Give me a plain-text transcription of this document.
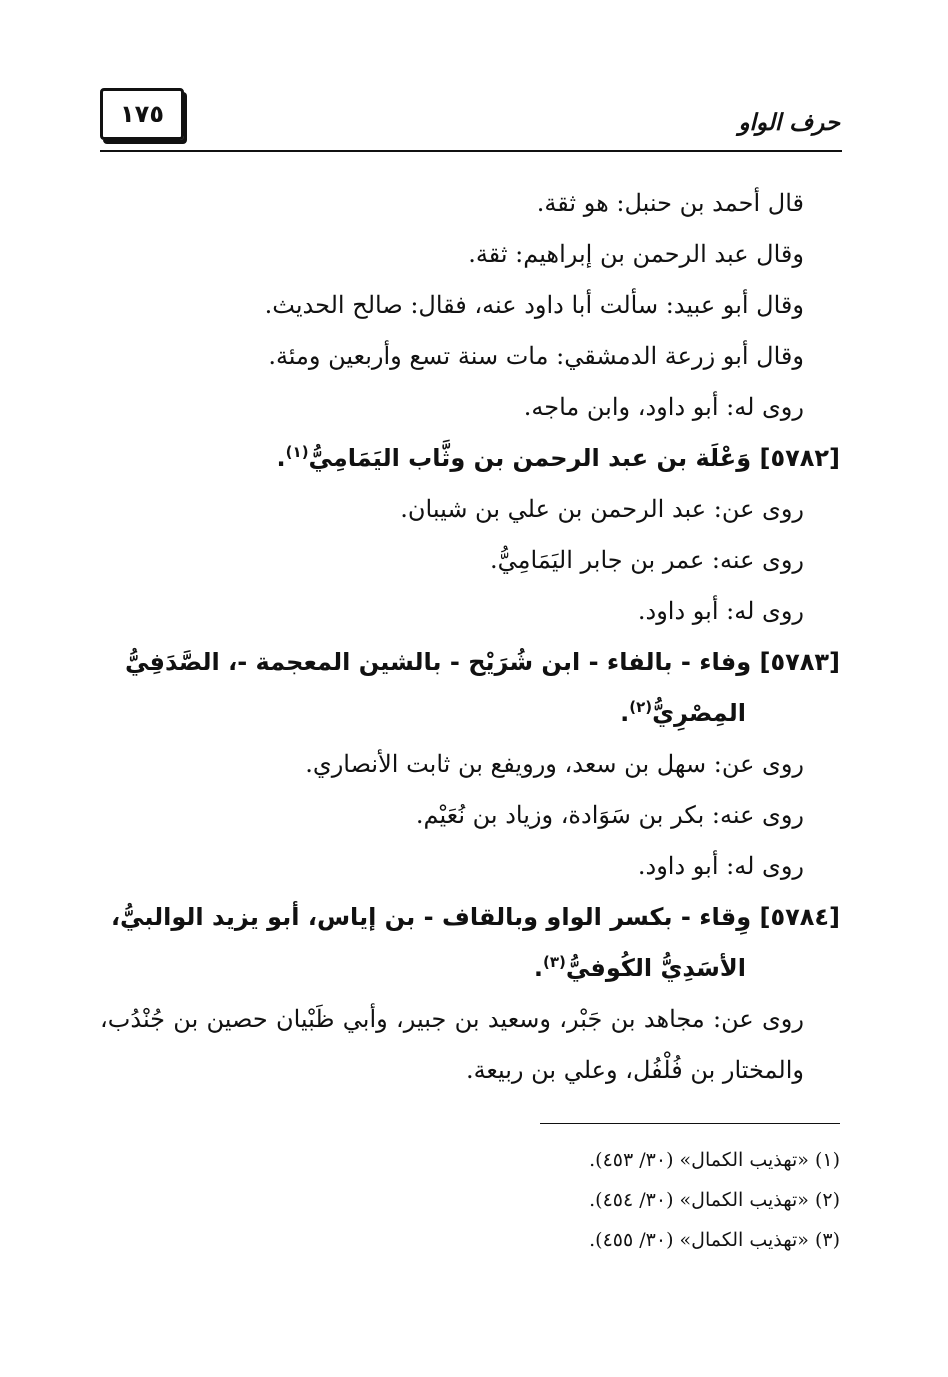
١٧٥	حرف الواو

قال أحمد بن حنبل: هو ثقة.

وقال عبد الرحمن بن إبراهيم: ثقة.

وقال أبو عبيد: سألت أبا داود عنه، فقال: صالح الحديث.

وقال أبو زرعة الدمشقي: مات سنة تسع وأربعين ومئة.

روى له: أبو داود، وابن ماجه.

[٥٧٨٢] وَعْلَة بن عبد الرحمن بن وثَّاب اليَمَامِيُّ$^{(١)}$.

روى عن: عبد الرحمن بن علي بن شيبان.

روى عنه: عمر بن جابر اليَمَامِيُّ.

روى له: أبو داود.

[٥٧٨٣] وفاء - بالفاء - ابن شُرَيْح - بالشين المعجمة -، الصَّدَفِيُّ
المِصْرِيُّ$^{(٢)}$.

روى عن: سهل بن سعد، ورويفع بن ثابت الأنصاري.

روى عنه: بكر بن سَوَادة، وزياد بن نُعَيْم.

روى له: أبو داود.

[٥٧٨٤] وِقاء - بكسر الواو وبالقاف - بن إياس، أبو يزيد الوالبيُّ،
الأسَدِيُّ الكُوفيُّ$^{(٣)}$.

روى عن: مجاهد بن جَبْر، وسعيد بن جبير، وأبي ظَبْيان حصين بن جُنْدُب، والمختار بن فُلْفُل، وعلي بن ربيعة.

(١) «تهذيب الكمال» (٣٠/ ٤٥٣).

(٢) «تهذيب الكمال» (٣٠/ ٤٥٤).

(٣) «تهذيب الكمال» (٣٠/ ٤٥٥).
